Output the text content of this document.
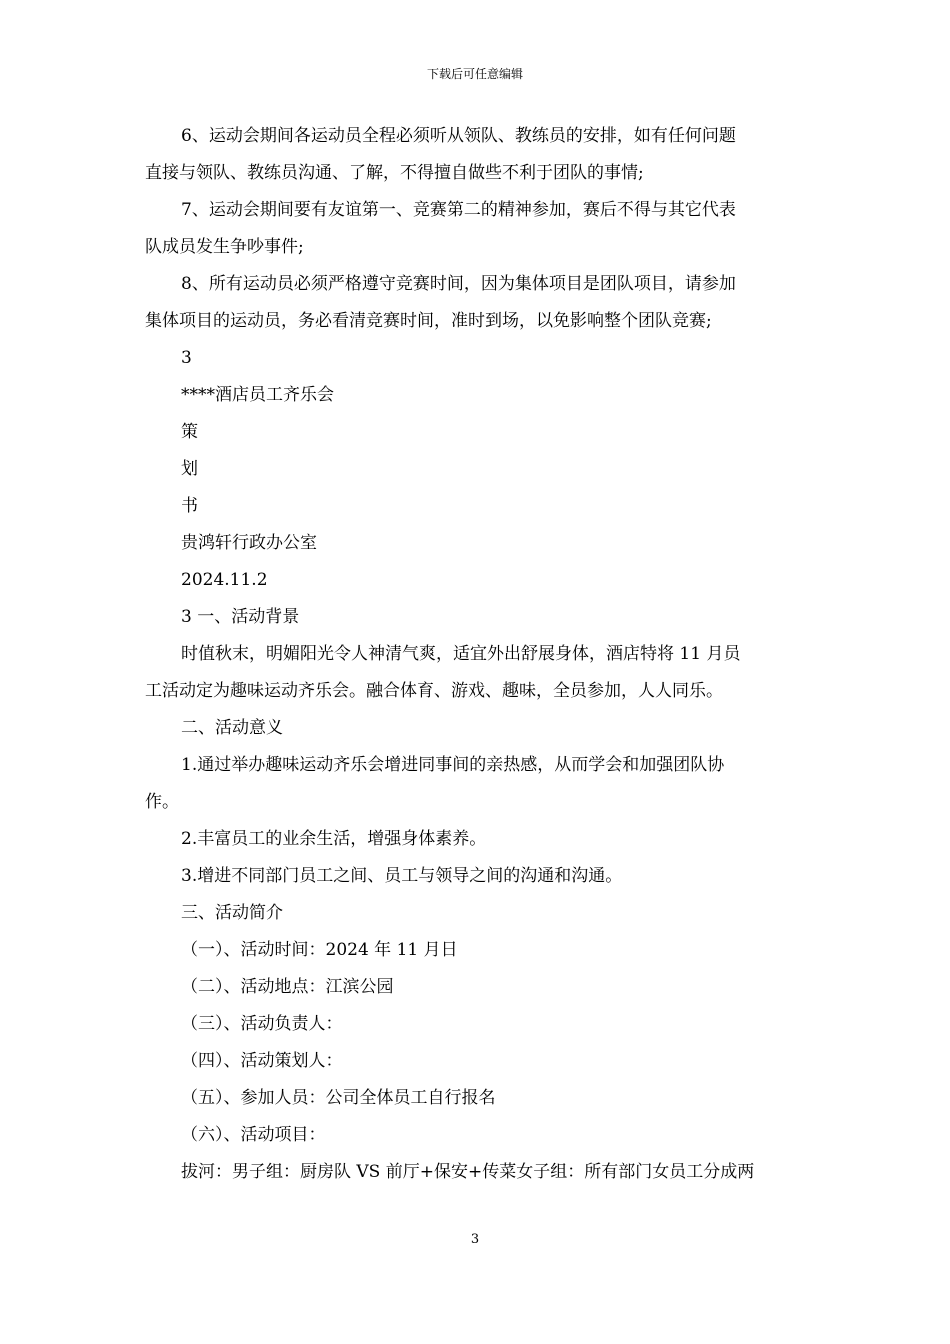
下载后可任意编辑

6、运动会期间各运动员全程必须听从领队、教练员的安排，如有任何问题

直接与领队、教练员沟通、了解，不得擅自做些不利于团队的事情;

7、运动会期间要有友谊第一、竞赛第二的精神参加，赛后不得与其它代表

队成员发生争吵事件;

8、所有运动员必须严格遵守竞赛时间，因为集体项目是团队项目，请参加

集体项目的运动员，务必看清竞赛时间，准时到场，以免影响整个团队竞赛;

3

****酒店员工齐乐会

策

划

书

贵鸿轩行政办公室

2024.11.2

3 一、活动背景

时值秋末，明媚阳光令人神清气爽，适宜外出舒展身体，酒店特将 11 月员

工活动定为趣味运动齐乐会。融合体育、游戏、趣味，全员参加，人人同乐。

二、活动意义

1.通过举办趣味运动齐乐会增进同事间的亲热感，从而学会和加强团队协

作。

2.丰富员工的业余生活，增强身体素养。

3.增进不同部门员工之间、员工与领导之间的沟通和沟通。

三、活动简介

（一）、活动时间：2024 年 11 月日

（二）、活动地点：江滨公园

（三）、活动负责人：

（四）、活动策划人：

（五）、参加人员：公司全体员工自行报名

（六）、活动项目：

拔河：男子组：厨房队 VS 前厅+保安+传菜女子组：所有部门女员工分成两

3
